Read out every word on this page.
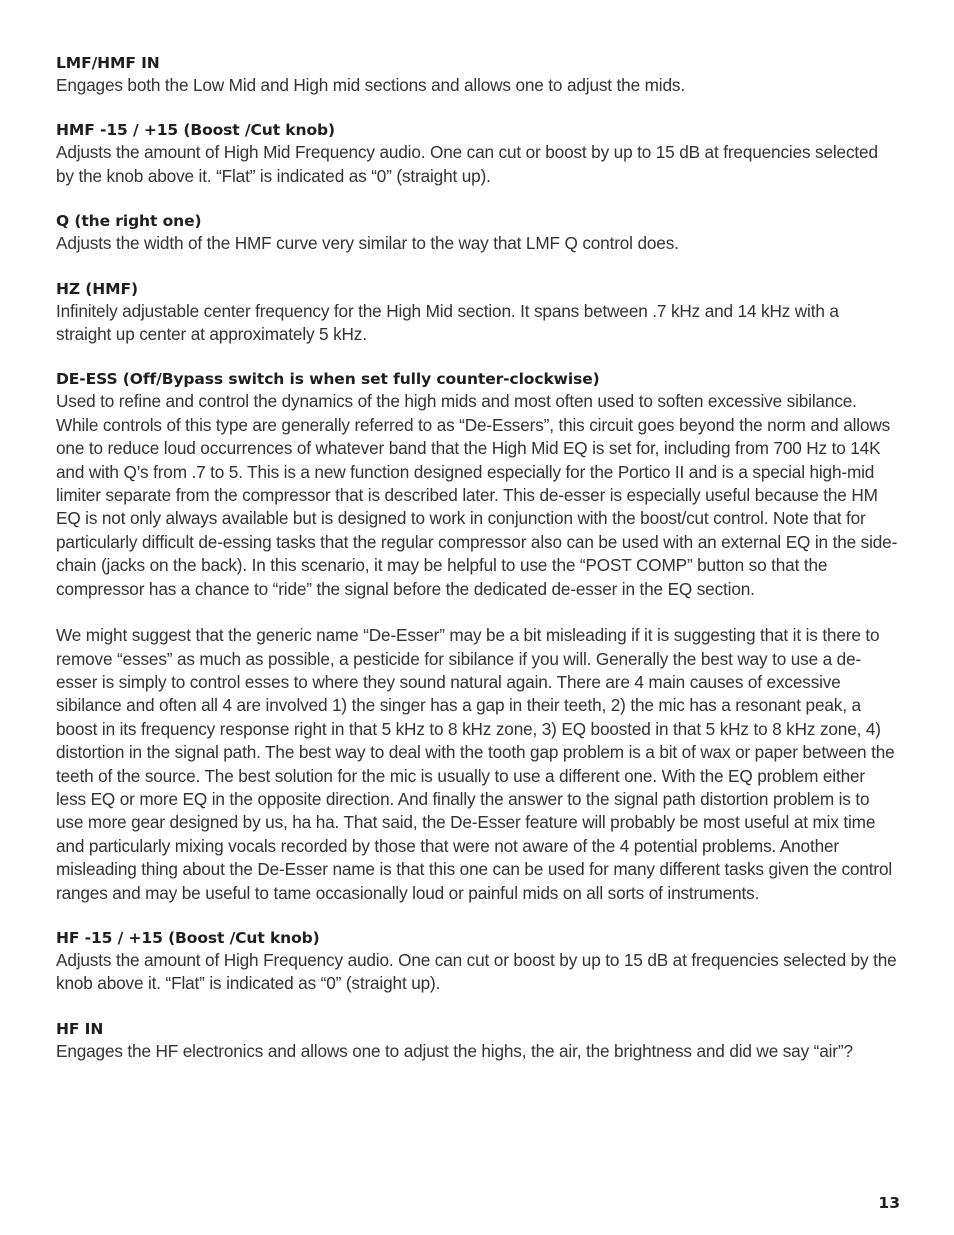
LMF/HMF IN

Engages both the Low Mid and High mid sections and allows one to adjust the mids.

HMF -15 / +15 (Boost /Cut knob)

Adjusts the amount of High Mid Frequency audio. One can cut or boost by up to 15 dB at frequencies selected by the knob above it. “Flat” is indicated as “0” (straight up).

Q (the right one)

Adjusts the width of the HMF curve very similar to the way that LMF Q control does.

HZ (HMF)

Infinitely adjustable center frequency for the High Mid section. It spans between .7 kHz and 14 kHz with a straight up center at approximately 5 kHz.

DE-ESS (Off/Bypass switch is when set fully counter-clockwise)

Used to refine and control the dynamics of the high mids and most often used to soften excessive sibilance. While controls of this type are generally referred to as “De-Essers”, this circuit goes beyond the norm and allows one to reduce loud occurrences of whatever band that the High Mid EQ is set for, including from 700 Hz to 14K and with Q’s from .7 to 5. This is a new function designed especially for the Portico II and is a special high-mid limiter separate from the compressor that is described later. This de-esser is especially useful because the HM EQ is not only always available but is designed to work in conjunction with the boost/cut control. Note that for particularly difficult de-essing tasks that the regular compressor also can be used with an external EQ in the side-chain (jacks on the back). In this scenario, it may be helpful to use the “POST COMP” button so that the compressor has a chance to “ride” the signal before the dedicated de-esser in the EQ section.

We might suggest that the generic name “De-Esser” may be a bit misleading if it is suggesting that it is there to remove “esses” as much as possible, a pesticide for sibilance if you will. Generally the best way to use a de-esser is simply to control esses to where they sound natural again. There are 4 main causes of excessive sibilance and often all 4 are involved 1) the singer has a gap in their teeth, 2) the mic has a resonant peak, a boost in its frequency response right in that 5 kHz to 8 kHz zone, 3) EQ boosted in that 5 kHz to 8 kHz zone, 4) distortion in the signal path. The best way to deal with the tooth gap problem is a bit of wax or paper between the teeth of the source. The best solution for the mic is usually to use a different one. With the EQ problem either less EQ or more EQ in the opposite direction. And finally the answer to the signal path distortion problem is to use more gear designed by us, ha ha. That said, the De-Esser feature will probably be most useful at mix time and particularly mixing vocals recorded by those that were not aware of the 4 potential problems. Another misleading thing about the De-Esser name is that this one can be used for many different tasks given the control ranges and may be useful to tame occasionally loud or painful mids on all sorts of instruments.

HF -15 / +15 (Boost /Cut knob)

Adjusts the amount of High Frequency audio. One can cut or boost by up to 15 dB at frequencies selected by the knob above it. “Flat” is indicated as “0” (straight up).

HF IN

Engages the HF electronics and allows one to adjust the highs, the air, the brightness and did we say “air”?

13
